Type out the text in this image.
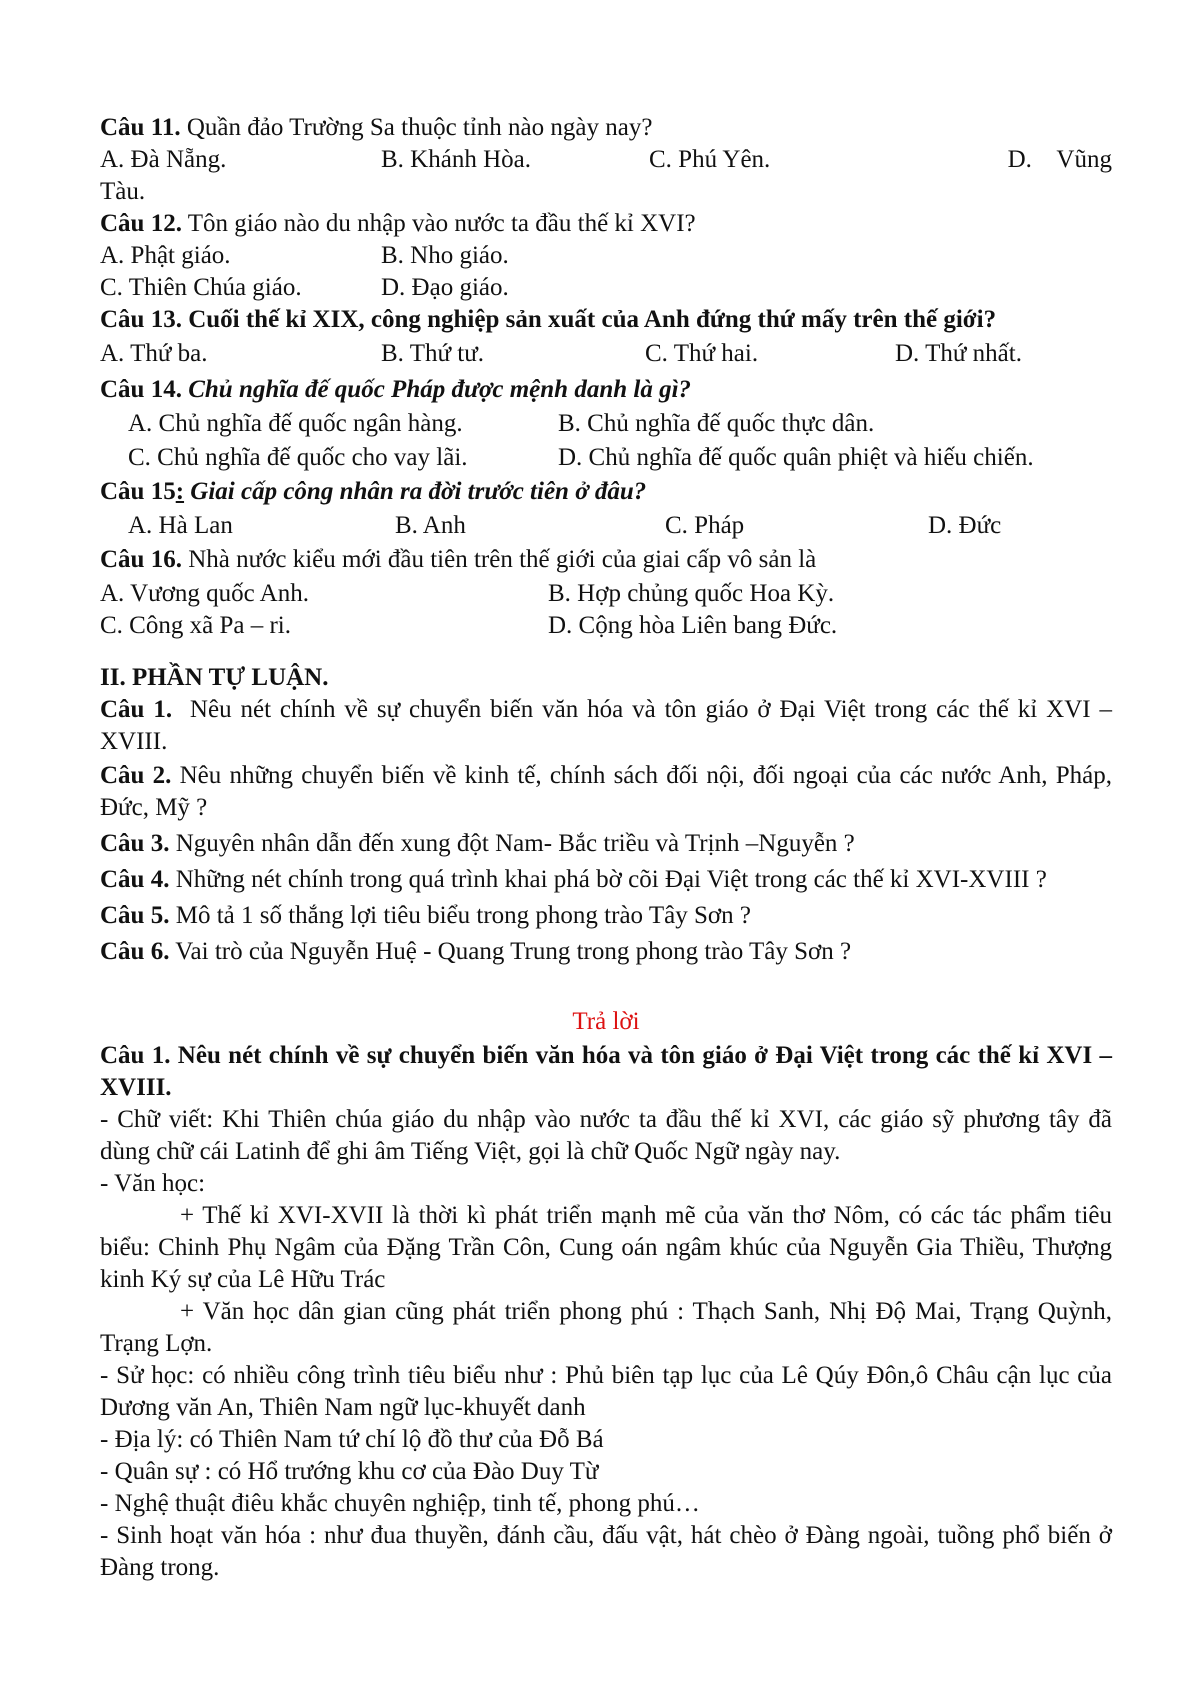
Câu 11. Quần đảo Trường Sa thuộc tỉnh nào ngày nay?
A. Đà Nẵng.	B. Khánh Hòa.	C. Phú Yên.	D.    Vũng
Tàu.
Câu 12. Tôn giáo nào du nhập vào nước ta đầu thế kỉ XVI?
A. Phật giáo.	B. Nho giáo.
C. Thiên Chúa giáo.	D. Đạo giáo.
Câu 13. Cuối thế kỉ XIX, công nghiệp sản xuất của Anh đứng thứ mấy trên thế giới?
A. Thứ ba.	B. Thứ tư.	C. Thứ hai.	D. Thứ nhất.
Câu 14. Chủ nghĩa đế quốc Pháp được mệnh danh là gì?
A. Chủ nghĩa đế quốc ngân hàng.	B. Chủ nghĩa đế quốc thực dân.
C. Chủ nghĩa đế quốc cho vay lãi.	D. Chủ nghĩa đế quốc quân phiệt và hiếu chiến.
Câu 15: Giai cấp công nhân ra đời trước tiên ở đâu?
A. Hà Lan	B. Anh	C. Pháp	D. Đức
Câu 16. Nhà nước kiểu mới đầu tiên trên thế giới của giai cấp vô sản là
A. Vương quốc Anh.	B. Hợp chủng quốc Hoa Kỳ.
C. Công xã Pa – ri.	D. Cộng hòa Liên bang Đức.
II. PHẦN TỰ LUẬN.
Câu 1.  Nêu nét chính về sự chuyển biến văn hóa và tôn giáo ở Đại Việt trong các thế kỉ XVI – XVIII.
Câu 2. Nêu những chuyển biến về kinh tế, chính sách đối nội, đối ngoại của các nước Anh, Pháp, Đức, Mỹ ?
Câu 3. Nguyên nhân dẫn đến xung đột Nam- Bắc triều và Trịnh –Nguyễn ?
Câu 4. Những nét chính trong quá trình khai phá bờ cõi Đại Việt trong các thế kỉ XVI-XVIII ?
Câu 5. Mô tả 1 số thắng lợi tiêu biểu trong phong trào Tây Sơn ?
Câu 6. Vai trò của Nguyễn Huệ - Quang Trung trong phong trào Tây Sơn ?
Trả lời
Câu 1. Nêu nét chính về sự chuyển biến văn hóa và tôn giáo ở Đại Việt trong các thế kỉ XVI – XVIII.
- Chữ viết: Khi Thiên chúa giáo du nhập vào nước ta đầu thế kỉ XVI, các giáo sỹ phương tây đã dùng chữ cái Latinh để ghi âm Tiếng Việt, gọi là chữ Quốc Ngữ ngày nay.
- Văn học:
+ Thế kỉ XVI-XVII là thời kì phát triển mạnh mẽ của văn thơ Nôm, có các tác phẩm tiêu biểu: Chinh Phụ Ngâm của Đặng Trần Côn, Cung oán ngâm khúc của Nguyễn Gia Thiều, Thượng kinh Ký sự của Lê Hữu Trác
+ Văn học dân gian cũng phát triển phong phú : Thạch Sanh, Nhị Độ Mai, Trạng Quỳnh, Trạng Lợn.
- Sử học: có nhiều công trình tiêu biểu như : Phủ biên tạp lục của Lê Qúy Đôn,ô Châu cận lục của Dương văn An, Thiên Nam ngữ lục-khuyết danh
- Địa lý: có Thiên Nam tứ chí lộ đồ thư của Đỗ Bá
- Quân sự : có Hổ trướng khu cơ của Đào Duy Từ
- Nghệ thuật điêu khắc chuyên nghiệp, tinh tế, phong phú…
- Sinh hoạt văn hóa : như đua thuyền, đánh cầu, đấu vật, hát chèo ở Đàng ngoài, tuồng phổ biến ở Đàng trong.
